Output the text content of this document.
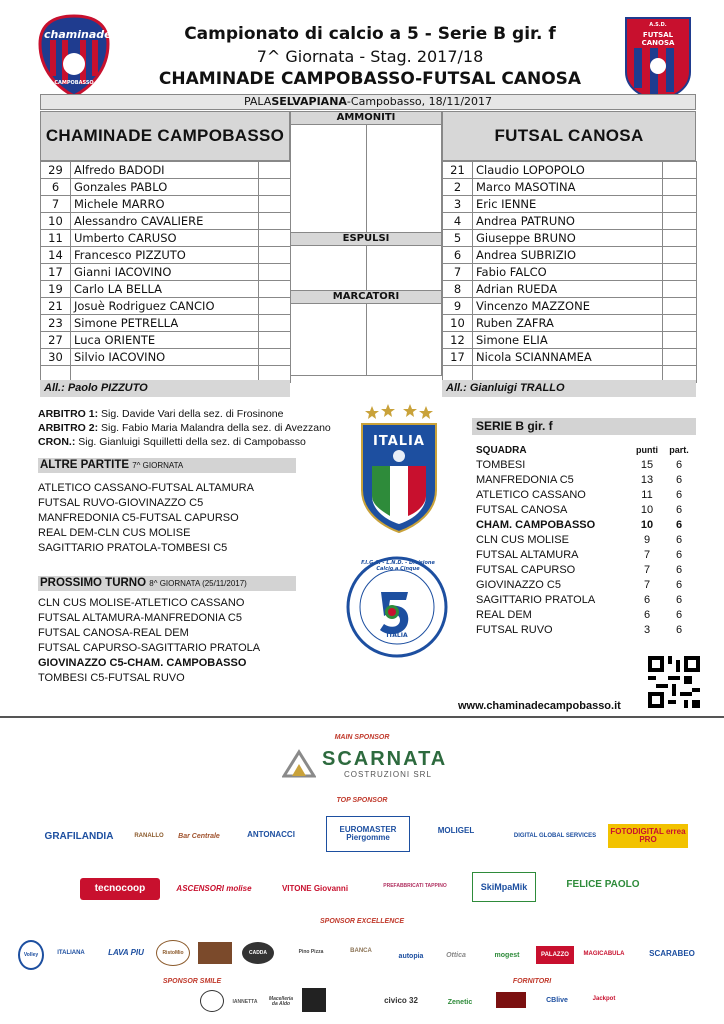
chaminade
CAMPOBASSO
Campionato di calcio a 5 - Serie B gir. f
7^ Giornata - Stag. 2017/18
CHAMINADE CAMPOBASSO-FUTSAL CANOSA
A.S.D.
FUTSAL CANOSA
PALASELVAPIANA-Campobasso, 18/11/2017
CHAMINADE CAMPOBASSO	FUTSAL CANOSA
29	Alfredo BADODI	
6	Gonzales PABLO	
7	Michele MARRO	
10	Alessandro CAVALIERE	
11	Umberto CARUSO	
14	Francesco PIZZUTO	
17	Gianni IACOVINO	
19	Carlo LA BELLA	
21	Josuè Rodriguez CANCIO	
23	Simone PETRELLA	
27	Luca ORIENTE	
30	Silvio IACOVINO	

AMMONITI
ESPULSI
MARCATORI
21	Claudio LOPOPOLO	
2	Marco MASOTINA	
3	Eric IENNE	
4	Andrea PATRUNO	
5	Giuseppe BRUNO	
6	Andrea SUBRIZIO	
7	Fabio FALCO	
8	Adrian RUEDA	
9	Vincenzo MAZZONE	
10	Ruben ZAFRA	
12	Simone ELIA	
17	Nicola SCIANNAMEA	

All.: Paolo PIZZUTO	All.: Gianluigi TRALLO
ARBITRO 1: Sig. Davide Vari della sez. di Frosinone
ARBITRO 2: Sig. Fabio Maria Malandra della sez. di Avezzano
CRON.: Sig. Gianluigi Squilletti della sez. di Campobasso
ALTRE PARTITE 7^ GIORNATA
ATLETICO CASSANO-FUTSAL ALTAMURA
FUTSAL RUVO-GIOVINAZZO C5
MANFREDONIA C5-FUTSAL CAPURSO
REAL DEM-CLN CUS MOLISE
SAGITTARIO PRATOLA-TOMBESI C5
PROSSIMO TURNO 8^ GIORNATA (25/11/2017)
CLN CUS MOLISE-ATLETICO CASSANO
FUTSAL ALTAMURA-MANFREDONIA C5
FUTSAL CANOSA-REAL DEM
FUTSAL CAPURSO-SAGITTARIO PRATOLA
GIOVINAZZO C5-CHAM. CAMPOBASSO
TOMBESI C5-FUTSAL RUVO
ITALIA
F.I.G.C. - L.N.D. - Divisione Calcio a Cinque
ITALIA
SERIE B gir. f
SQUADRA	punti	part.
TOMBESI	15	6
MANFREDONIA C5	13	6
ATLETICO CASSANO	11	6
FUTSAL CANOSA	10	6
CHAM. CAMPOBASSO	10	6
CLN CUS MOLISE	9	6
FUTSAL ALTAMURA	7	6
FUTSAL CAPURSO	7	6
GIOVINAZZO C5	7	6
SAGITTARIO PRATOLA	6	6
REAL DEM	6	6
FUTSAL RUVO	3	6
www.chaminadecampobasso.it
MAIN SPONSOR
SCARNATA
COSTRUZIONI SRL
TOP SPONSOR
GRAFILANDIA	RANALLO	Bar Centrale	ANTONACCI
EUROMASTER Piergomme
MOLIGEL
DIGITAL GLOBAL SERVICES	FOTODIGITAL errea PRO
tecnocoop	ASCENSORI molise	VITONE Giovanni	PREFABBRICATI TAPPINO	SkiMpaMik	FELICE PAOLO
SPONSOR EXCELLENCE
Volley	ITALIANA	LAVA PIU	RistoMio	CADDA	Pino Pizza	BANCA
autopia	Ottica	mogest	PALAZZO	MAGICABULA	SCARABEO
SPONSOR SMILE	FORNITORI
IANNETTA	Macelleria da Aldo	civico 32	Zenetic	CBlive	Jackpot
